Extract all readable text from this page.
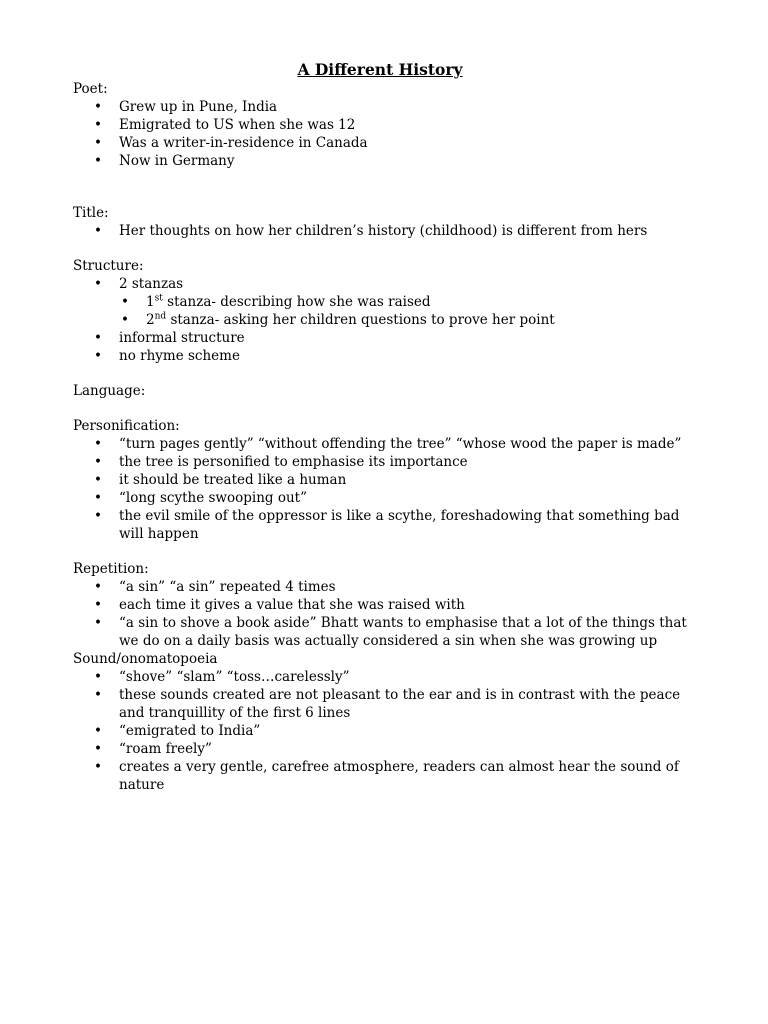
A Different History

Poet:

• Grew up in Pune, India
• Emigrated to US when she was 12
• Was a writer-in-residence in Canada
• Now in Germany

Title:

• Her thoughts on how her children’s history (childhood) is different from hers

Structure:

• 2 stanzas
• 1st stanza- describing how she was raised
• 2nd stanza- asking her children questions to prove her point
• informal structure
• no rhyme scheme

Language:

Personification:

• “turn pages gently” “without offending the tree” “whose wood the paper is made”
• the tree is personified to emphasise its importance
• it should be treated like a human
• “long scythe swooping out”
• the evil smile of the oppressor is like a scythe, foreshadowing that something bad will happen

Repetition:

• “a sin” “a sin” repeated 4 times
• each time it gives a value that she was raised with
• “a sin to shove a book aside” Bhatt wants to emphasise that a lot of the things that we do on a daily basis was actually considered a sin when she was growing up

Sound/onomatopoeia

• “shove” “slam” “toss…carelessly”
• these sounds created are not pleasant to the ear and is in contrast with the peace and tranquillity of the first 6 lines
• “emigrated to India”
• “roam freely”
• creates a very gentle, carefree atmosphere, readers can almost hear the sound of nature
